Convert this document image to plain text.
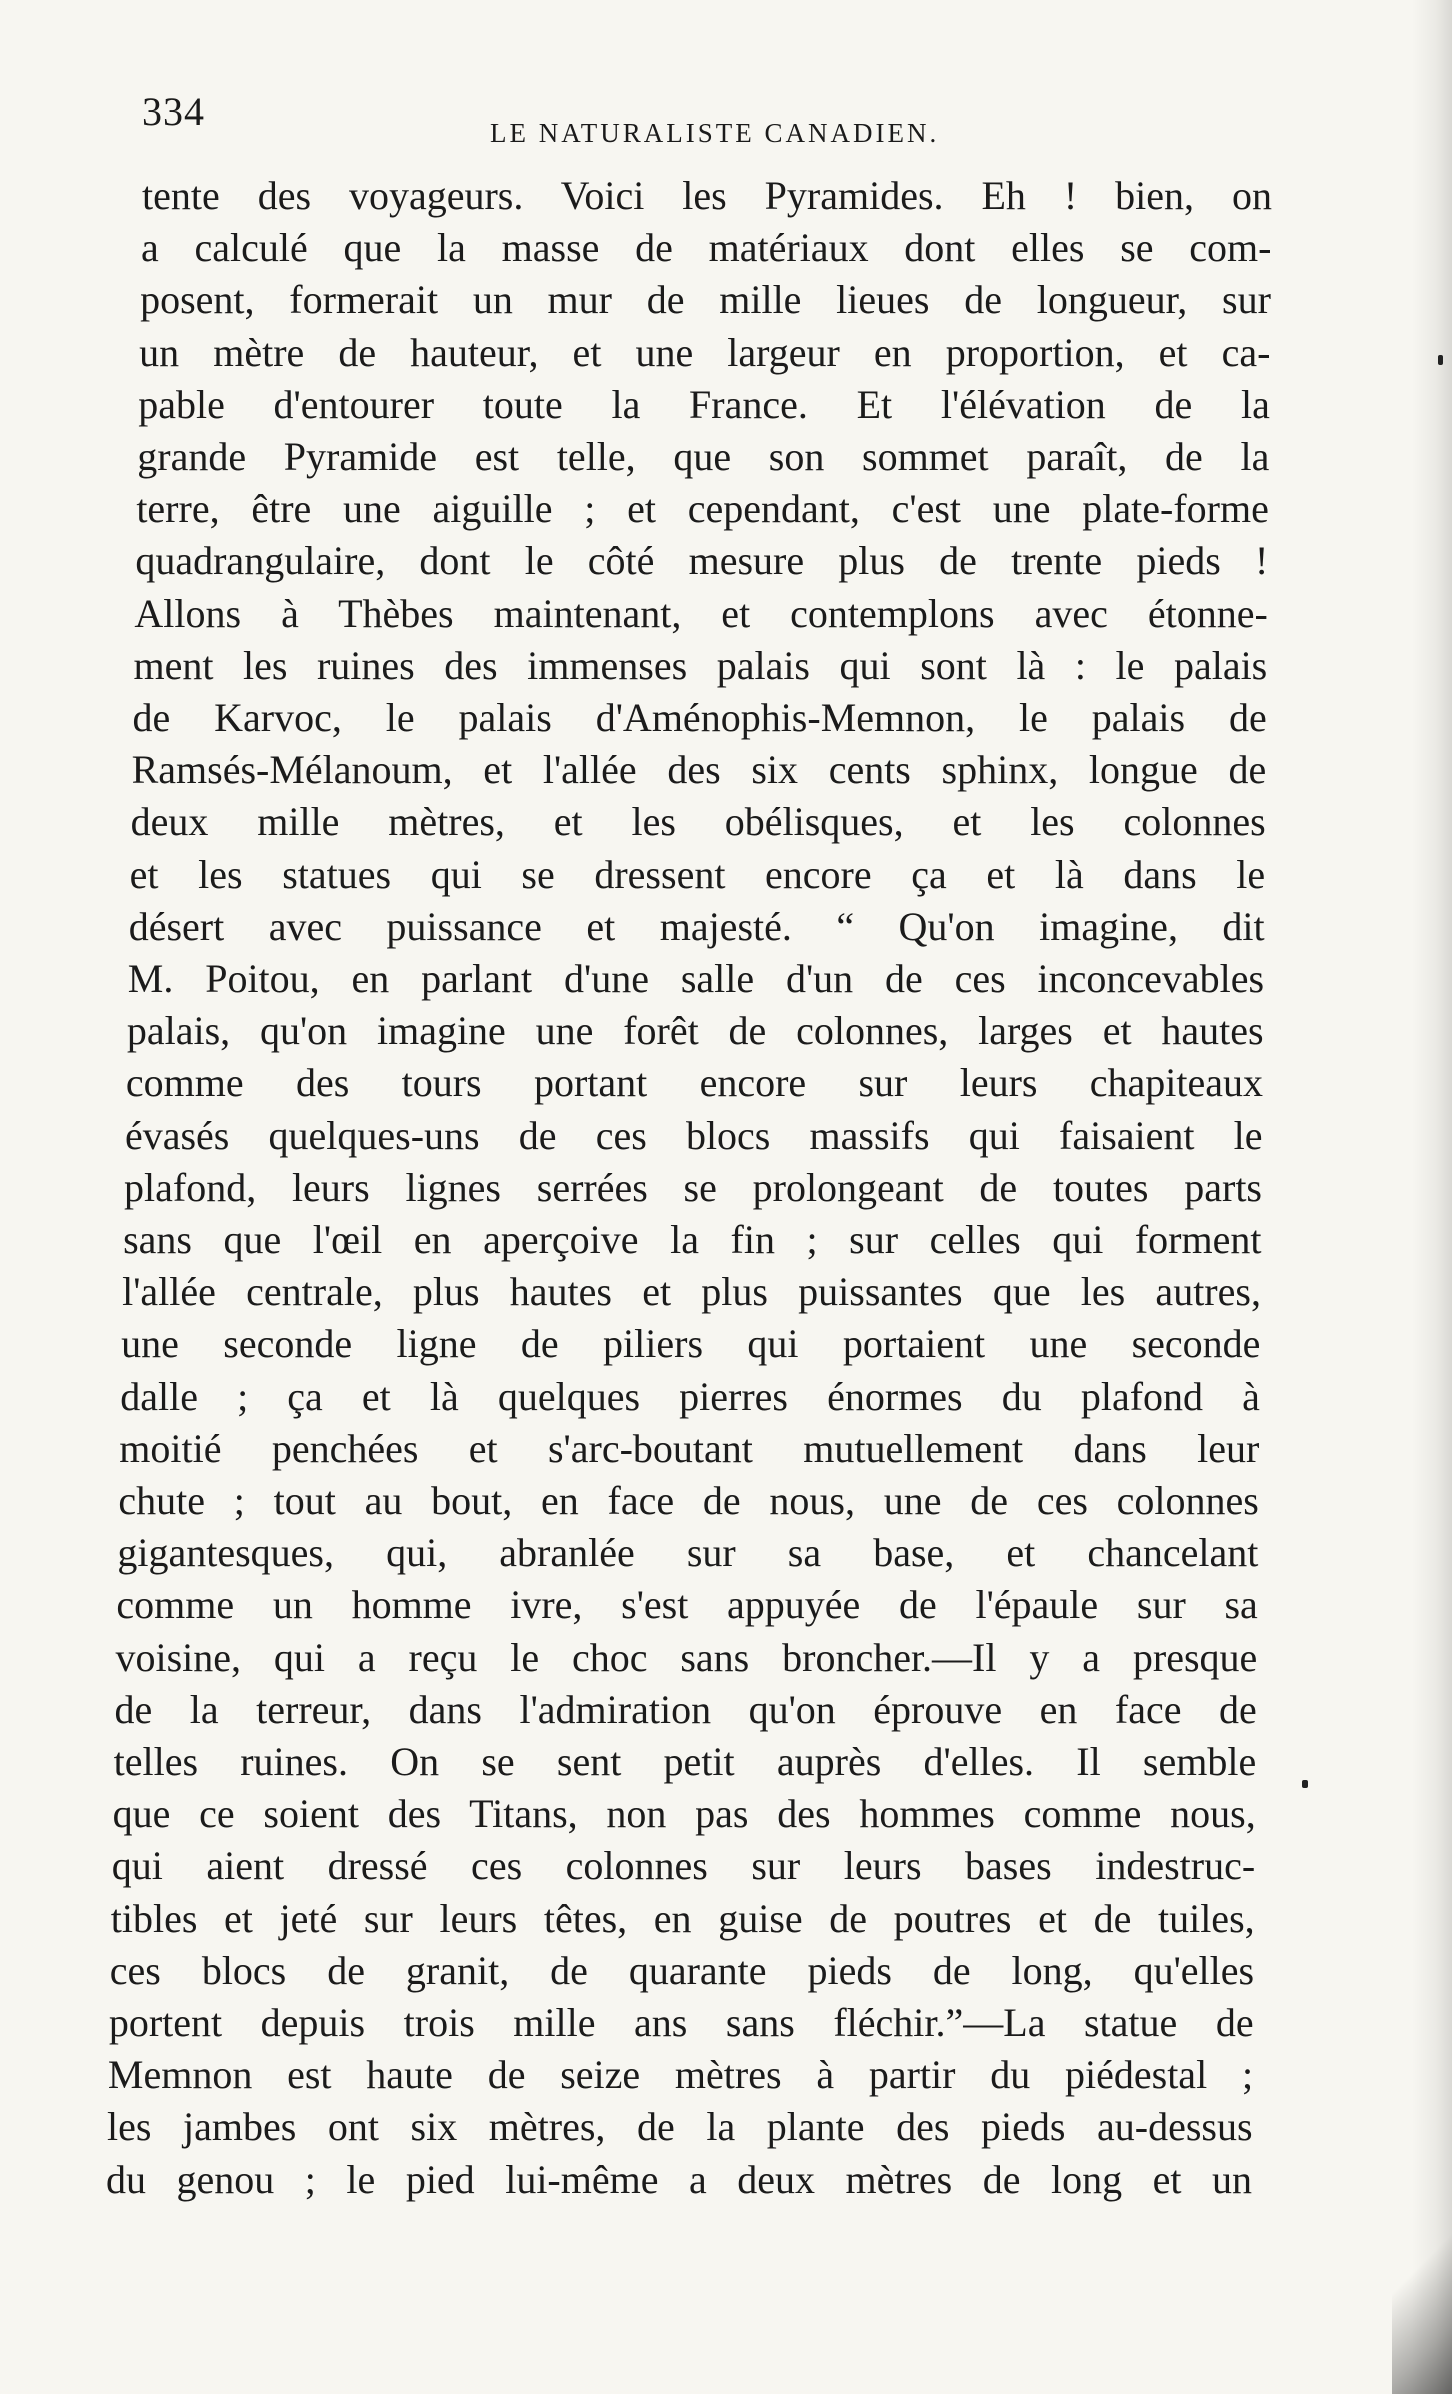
334	LE NATURALISTE CANADIEN.
tente des voyageurs. Voici les Pyramides. Eh ! bien, on
a calculé que la masse de matériaux dont elles se com-
posent, formerait un mur de mille lieues de longueur, sur
un mètre de hauteur, et une largeur en proportion, et ca-
pable d'entourer toute la France. Et l'élévation de la
grande Pyramide est telle, que son sommet paraît, de la
terre, être une aiguille ; et cependant, c'est une plate-forme
quadrangulaire, dont le côté mesure plus de trente pieds !
Allons à Thèbes maintenant, et contemplons avec étonne-
ment les ruines des immenses palais qui sont là : le palais
de Karvoc, le palais d'Aménophis-Memnon, le palais de
Ramsés-Mélanoum, et l'allée des six cents sphinx, longue de
deux mille mètres, et les obélisques, et les colonnes
et les statues qui se dressent encore ça et là dans le
désert avec puissance et majesté. “ Qu'on imagine, dit
M. Poitou, en parlant d'une salle d'un de ces inconcevables
palais, qu'on imagine une forêt de colonnes, larges et hautes
comme des tours portant encore sur leurs chapiteaux
évasés quelques-uns de ces blocs massifs qui faisaient le
plafond, leurs lignes serrées se prolongeant de toutes parts
sans que l'œil en aperçoive la fin ; sur celles qui forment
l'allée centrale, plus hautes et plus puissantes que les autres,
une seconde ligne de piliers qui portaient une seconde
dalle ; ça et là quelques pierres énormes du plafond à
moitié penchées et s'arc-boutant mutuellement dans leur
chute ; tout au bout, en face de nous, une de ces colonnes
gigantesques, qui, abranlée sur sa base, et chancelant
comme un homme ivre, s'est appuyée de l'épaule sur sa
voisine, qui a reçu le choc sans broncher.—Il y a presque
de la terreur, dans l'admiration qu'on éprouve en face de
telles ruines. On se sent petit auprès d'elles. Il semble
que ce soient des Titans, non pas des hommes comme nous,
qui aient dressé ces colonnes sur leurs bases indestruc-
tibles et jeté sur leurs têtes, en guise de poutres et de tuiles,
ces blocs de granit, de quarante pieds de long, qu'elles
portent depuis trois mille ans sans fléchir.”—La statue de
Memnon est haute de seize mètres à partir du piédestal ;
les jambes ont six mètres, de la plante des pieds au-dessus
du genou ; le pied lui-même a deux mètres de long et un
